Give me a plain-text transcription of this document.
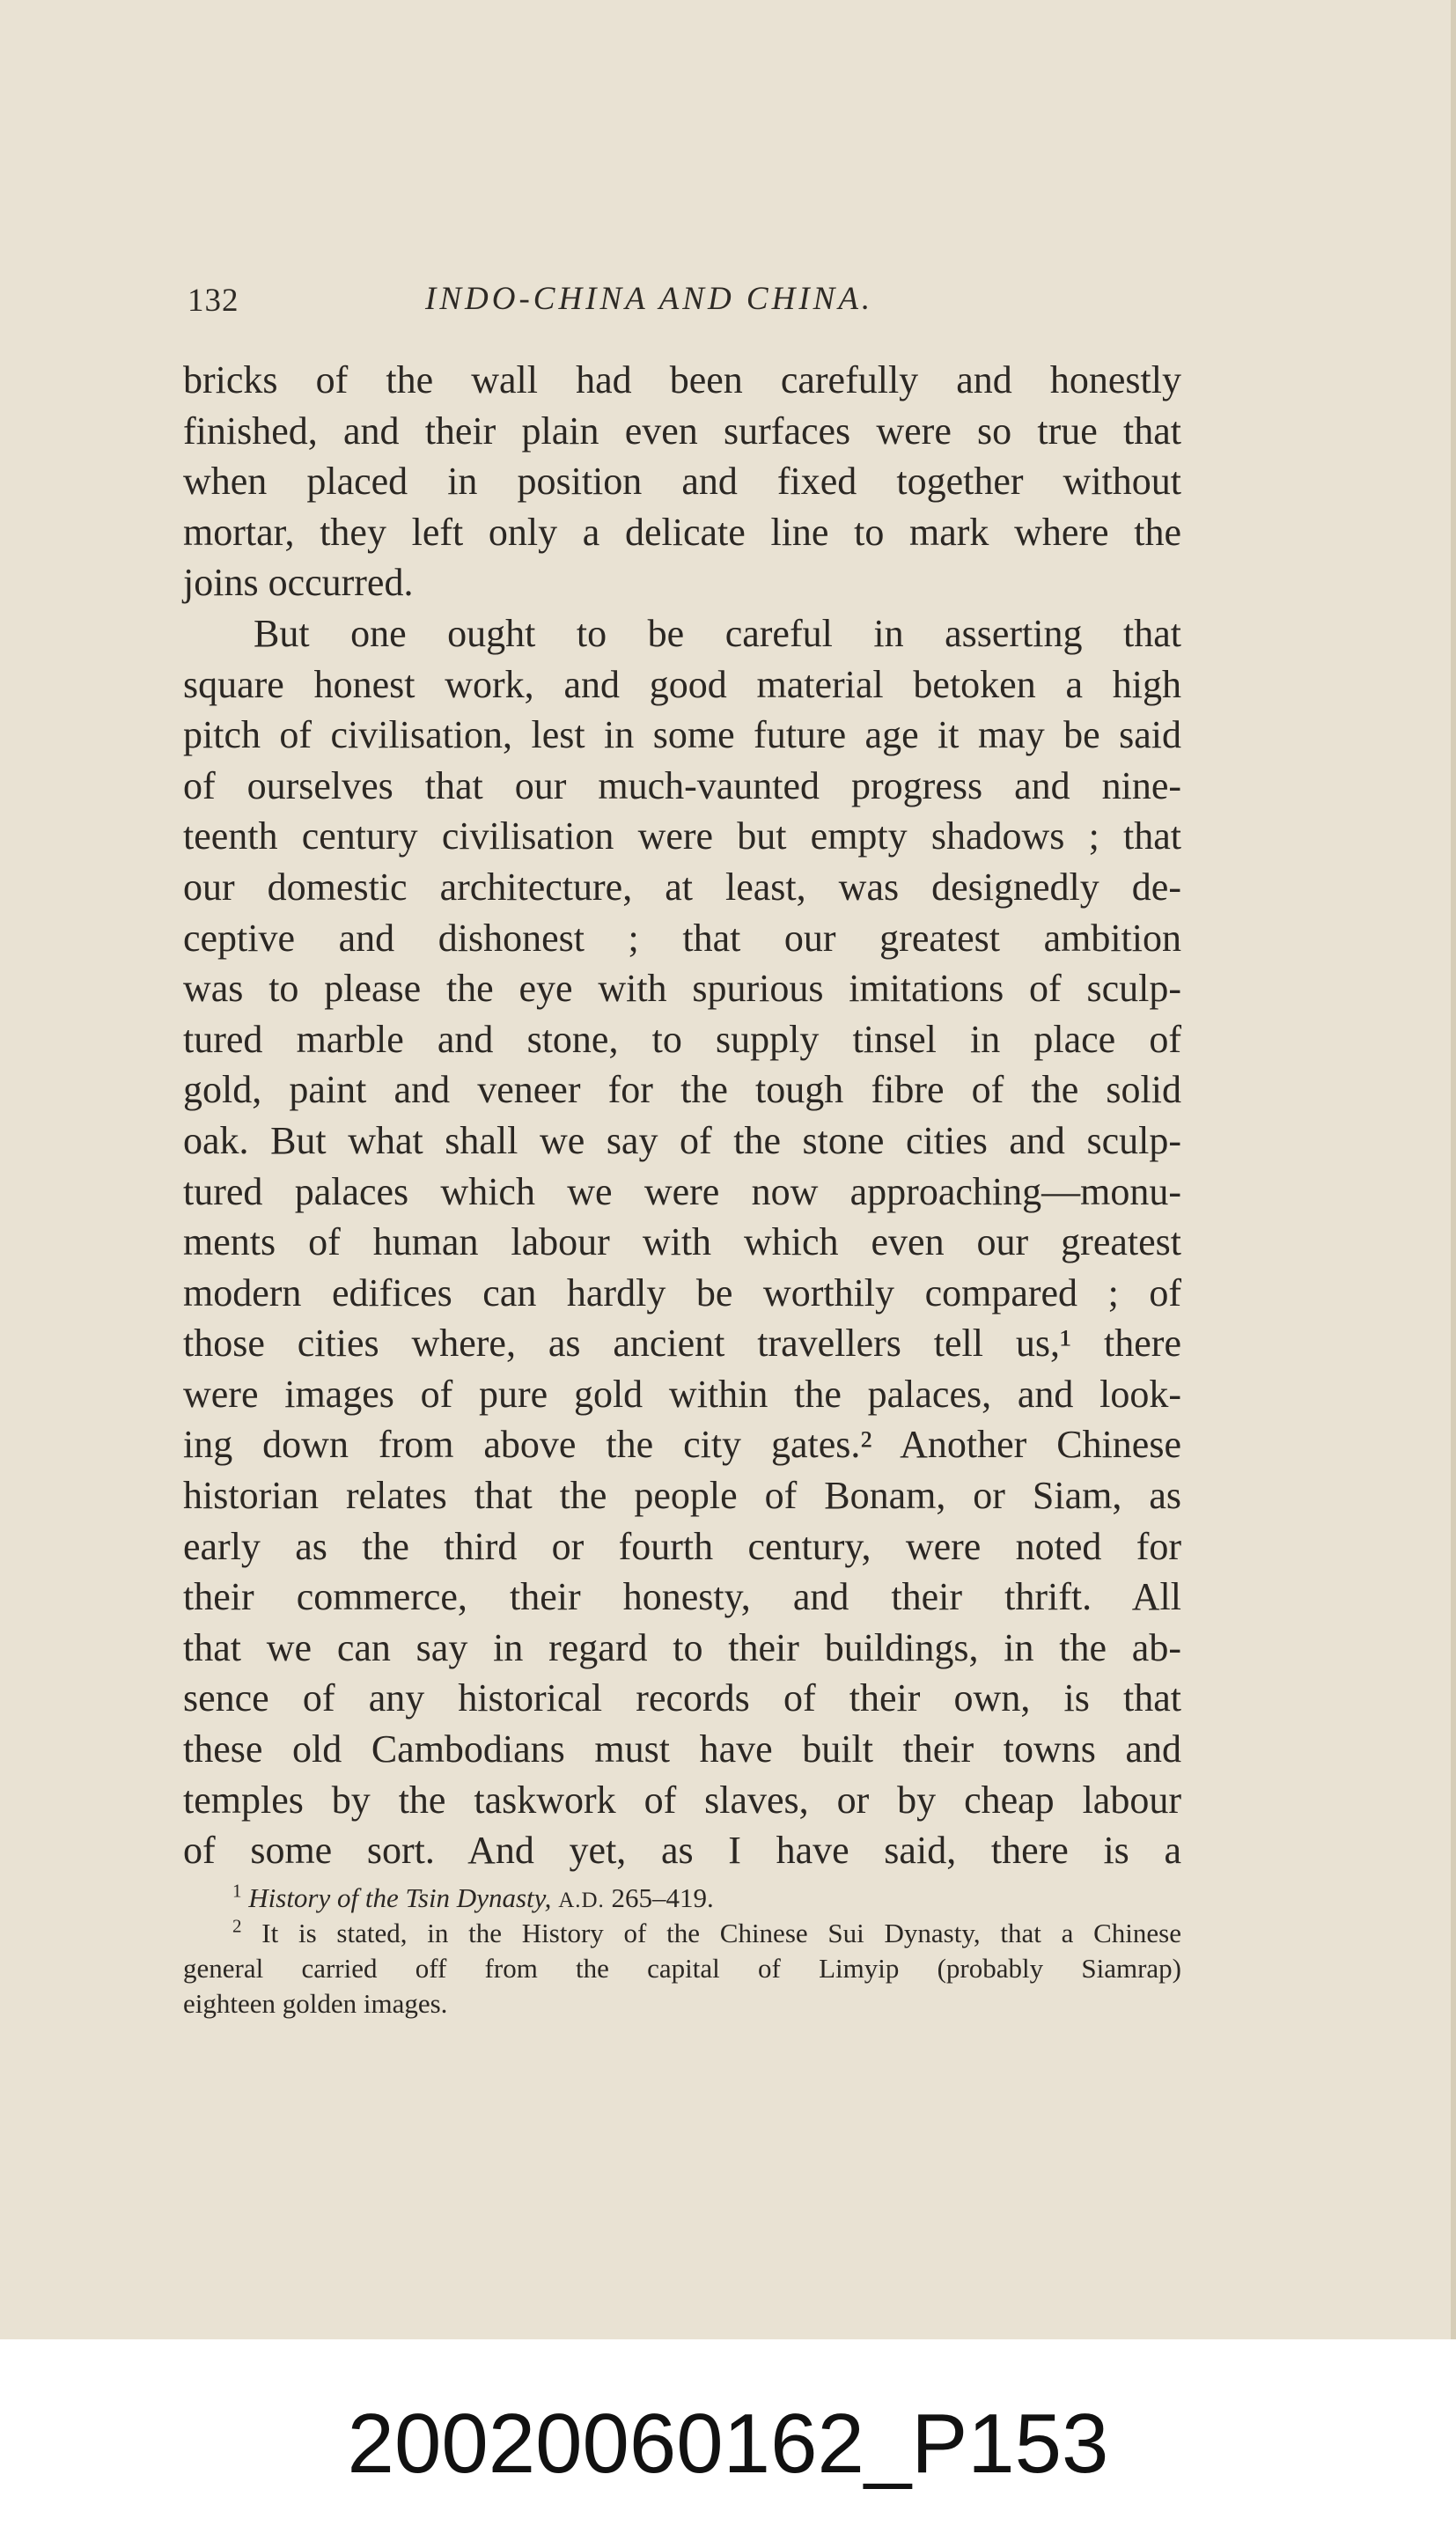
132	INDO-CHINA AND CHINA.
bricks of the wall had been carefully and honestly
finished, and their plain even surfaces were so true that
when placed in position and fixed together without
mortar, they left only a delicate line to mark where the
joins occurred.
But one ought to be careful in asserting that
square honest work, and good material betoken a high
pitch of civilisation, lest in some future age it may be said
of ourselves that our much-vaunted progress and nine-
teenth century civilisation were but empty shadows ; that
our domestic architecture, at least, was designedly de-
ceptive and dishonest ; that our greatest ambition
was to please the eye with spurious imitations of sculp-
tured marble and stone, to supply tinsel in place of
gold, paint and veneer for the tough fibre of the solid
oak. But what shall we say of the stone cities and sculp-
tured palaces which we were now approaching—monu-
ments of human labour with which even our greatest
modern edifices can hardly be worthily compared ; of
those cities where, as ancient travellers tell us,¹ there
were images of pure gold within the palaces, and look-
ing down from above the city gates.² Another Chinese
historian relates that the people of Bonam, or Siam, as
early as the third or fourth century, were noted for
their commerce, their honesty, and their thrift. All
that we can say in regard to their buildings, in the ab-
sence of any historical records of their own, is that
these old Cambodians must have built their towns and
temples by the taskwork of slaves, or by cheap labour
of some sort. And yet, as I have said, there is a
$^1$ History of the Tsin Dynasty, A.D. 265–419.
$^2$ It is stated, in the History of the Chinese Sui Dynasty, that a Chinese
general carried off from the capital of Limyip (probably Siamrap)
eighteen golden images.
20020060162_P153
